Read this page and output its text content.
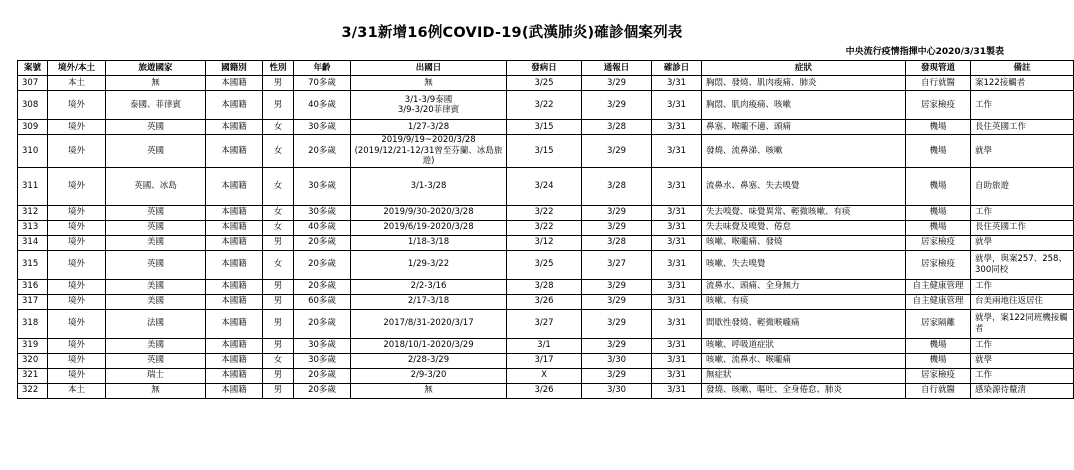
3/31新增16例COVID-19(武漢肺炎)確診個案列表
中央流行疫情指揮中心2020/3/31製表
案號	境外/本土	旅遊國家	國籍別	性別	年齡	出國日	發病日	通報日	確診日	症狀	發現管道	備註
307	本土	無	本國籍	男	70多歲	無	3/25	3/29	3/31	胸悶、發燒、肌肉痠痛、肺炎	自行就醫	案122接觸者
308	境外	泰國、菲律賓	本國籍	男	40多歲	3/1-3/9泰國
3/9-3/20菲律賓	3/22	3/29	3/31	胸悶、肌肉痠痛、咳嗽	居家檢疫	工作
309	境外	英國	本國籍	女	30多歲	1/27-3/28	3/15	3/28	3/31	鼻塞、喉嚨不適、頭痛	機場	長住英國工作
310	境外	英國	本國籍	女	20多歲	2019/9/19~2020/3/28
(2019/12/21-12/31曾至芬蘭、冰島旅遊)	3/15	3/29	3/31	發燒、流鼻涕、咳嗽	機場	就學
311	境外	英國、冰島	本國籍	女	30多歲	3/1-3/28	3/24	3/28	3/31	流鼻水、鼻塞、失去嗅覺	機場	自助旅遊
312	境外	英國	本國籍	女	30多歲	2019/9/30-2020/3/28	3/22	3/29	3/31	失去嗅覺、味覺異常、輕微咳嗽、有痰	機場	工作
313	境外	英國	本國籍	女	40多歲	2019/6/19-2020/3/28	3/22	3/29	3/31	失去味覺及嗅覺、倦怠	機場	長住英國工作
314	境外	美國	本國籍	男	20多歲	1/18-3/18	3/12	3/28	3/31	咳嗽、喉嚨痛、發燒	居家檢疫	就學
315	境外	英國	本國籍	女	20多歲	1/29-3/22	3/25	3/27	3/31	咳嗽、失去嗅覺	居家檢疫	就學，與案257、258、300同校
316	境外	美國	本國籍	男	20多歲	2/2-3/16	3/28	3/29	3/31	流鼻水、頭痛、全身無力	自主健康管理	工作
317	境外	美國	本國籍	男	60多歲	2/17-3/18	3/26	3/29	3/31	咳嗽、有痰	自主健康管理	台美兩地往返居住
318	境外	法國	本國籍	男	20多歲	2017/8/31-2020/3/17	3/27	3/29	3/31	間歇性發燒、輕微喉嚨痛	居家隔離	就學，案122同班機接觸者
319	境外	美國	本國籍	男	30多歲	2018/10/1-2020/3/29	3/1	3/29	3/31	咳嗽、呼吸道症狀	機場	工作
320	境外	英國	本國籍	女	30多歲	2/28-3/29	3/17	3/30	3/31	咳嗽、流鼻水、喉嚨痛	機場	就學
321	境外	瑞士	本國籍	男	20多歲	2/9-3/20	X	3/29	3/31	無症狀	居家檢疫	工作
322	本土	無	本國籍	男	20多歲	無	3/26	3/30	3/31	發燒、咳嗽、嘔吐、全身倦怠、肺炎	自行就醫	感染源待釐清
